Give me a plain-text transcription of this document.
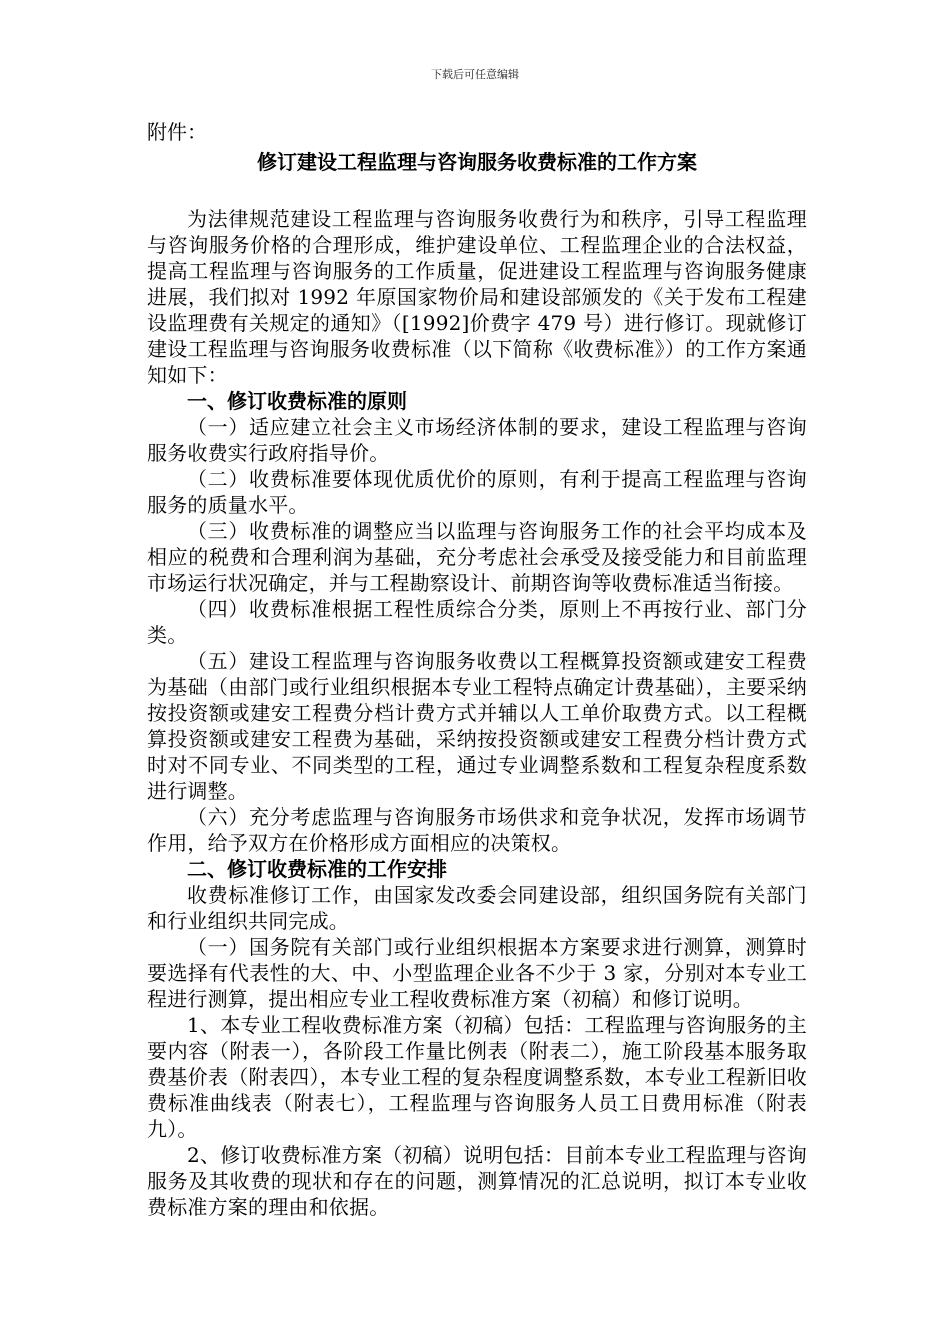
下载后可任意编辑

附件：

修订建设工程监理与咨询服务收费标准的工作方案

为法律规范建设工程监理与咨询服务收费行为和秩序，引导工程监理与咨询服务价格的合理形成，维护建设单位、工程监理企业的合法权益，提高工程监理与咨询服务的工作质量，促进建设工程监理与咨询服务健康进展，我们拟对 1992 年原国家物价局和建设部颁发的《关于发布工程建设监理费有关规定的通知》（[1992]价费字 479 号）进行修订。现就修订建设工程监理与咨询服务收费标准（以下简称《收费标准》）的工作方案通知如下：

一、修订收费标准的原则

（一）适应建立社会主义市场经济体制的要求，建设工程监理与咨询服务收费实行政府指导价。

（二）收费标准要体现优质优价的原则，有利于提高工程监理与咨询服务的质量水平。

（三）收费标准的调整应当以监理与咨询服务工作的社会平均成本及相应的税费和合理利润为基础，充分考虑社会承受及接受能力和目前监理市场运行状况确定，并与工程勘察设计、前期咨询等收费标准适当衔接。

（四）收费标准根据工程性质综合分类，原则上不再按行业、部门分类。

（五）建设工程监理与咨询服务收费以工程概算投资额或建安工程费为基础（由部门或行业组织根据本专业工程特点确定计费基础），主要采纳按投资额或建安工程费分档计费方式并辅以人工单价取费方式。以工程概算投资额或建安工程费为基础，采纳按投资额或建安工程费分档计费方式时对不同专业、不同类型的工程，通过专业调整系数和工程复杂程度系数进行调整。

（六）充分考虑监理与咨询服务市场供求和竞争状况，发挥市场调节作用，给予双方在价格形成方面相应的决策权。

二、修订收费标准的工作安排

收费标准修订工作，由国家发改委会同建设部，组织国务院有关部门和行业组织共同完成。

（一）国务院有关部门或行业组织根据本方案要求进行测算，测算时要选择有代表性的大、中、小型监理企业各不少于 3 家，分别对本专业工程进行测算，提出相应专业工程收费标准方案（初稿）和修订说明。

1、本专业工程收费标准方案（初稿）包括：工程监理与咨询服务的主要内容（附表一），各阶段工作量比例表（附表二），施工阶段基本服务取费基价表（附表四），本专业工程的复杂程度调整系数，本专业工程新旧收费标准曲线表（附表七），工程监理与咨询服务人员工日费用标准（附表九）。

2、修订收费标准方案（初稿）说明包括：目前本专业工程监理与咨询服务及其收费的现状和存在的问题，测算情况的汇总说明，拟订本专业收费标准方案的理由和依据。
